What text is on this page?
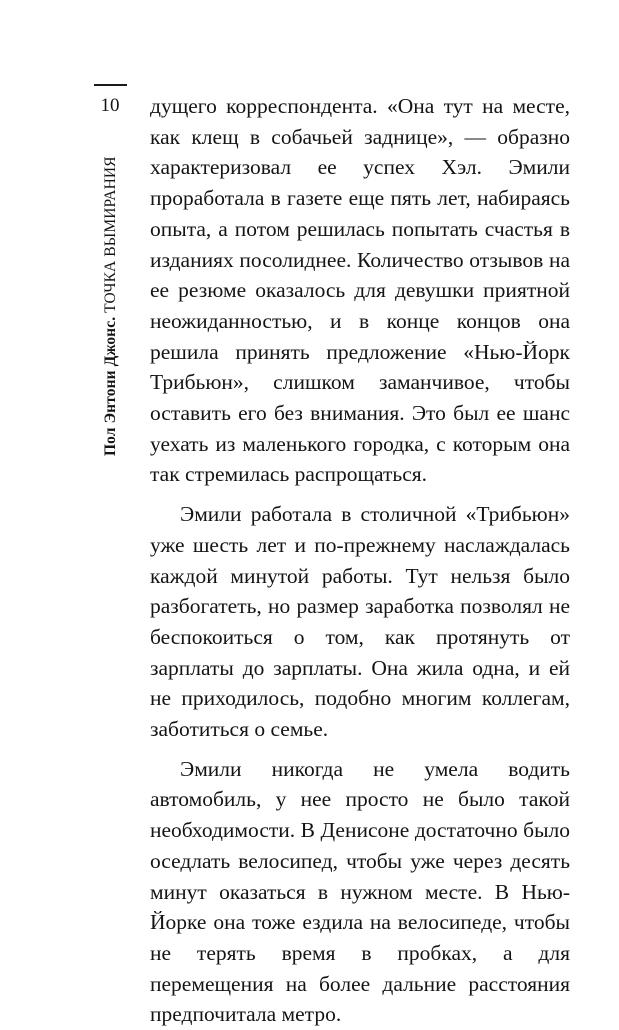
10
Пол Энтони Джонс. ТОЧКА ВЫМИРАНИЯ

дущего корреспондента. «Она тут на месте, как клещ в собачьей заднице», — образно характеризовал ее успех Хэл. Эмили проработала в газете еще пять лет, набираясь опыта, а потом решилась попытать счастья в изданиях посолиднее. Количество отзывов на ее резюме оказалось для девушки приятной неожиданностью, и в конце концов она решила принять предложение «Нью-Йорк Трибьюн», слишком заманчивое, чтобы оставить его без внимания. Это был ее шанс уехать из маленького городка, с которым она так стремилась распрощаться.

Эмили работала в столичной «Трибьюн» уже шесть лет и по-прежнему наслаждалась каждой минутой работы. Тут нельзя было разбогатеть, но размер заработка позволял не беспокоиться о том, как протянуть от зарплаты до зарплаты. Она жила одна, и ей не приходилось, подобно многим коллегам, заботиться о семье.

Эмили никогда не умела водить автомобиль, у нее просто не было такой необходимости. В Денисоне достаточно было оседлать велосипед, чтобы уже через десять минут оказаться в нужном месте. В Нью-Йорке она тоже ездила на велосипеде, чтобы не терять время в пробках, а для перемещения на более дальние расстояния предпочитала метро.
